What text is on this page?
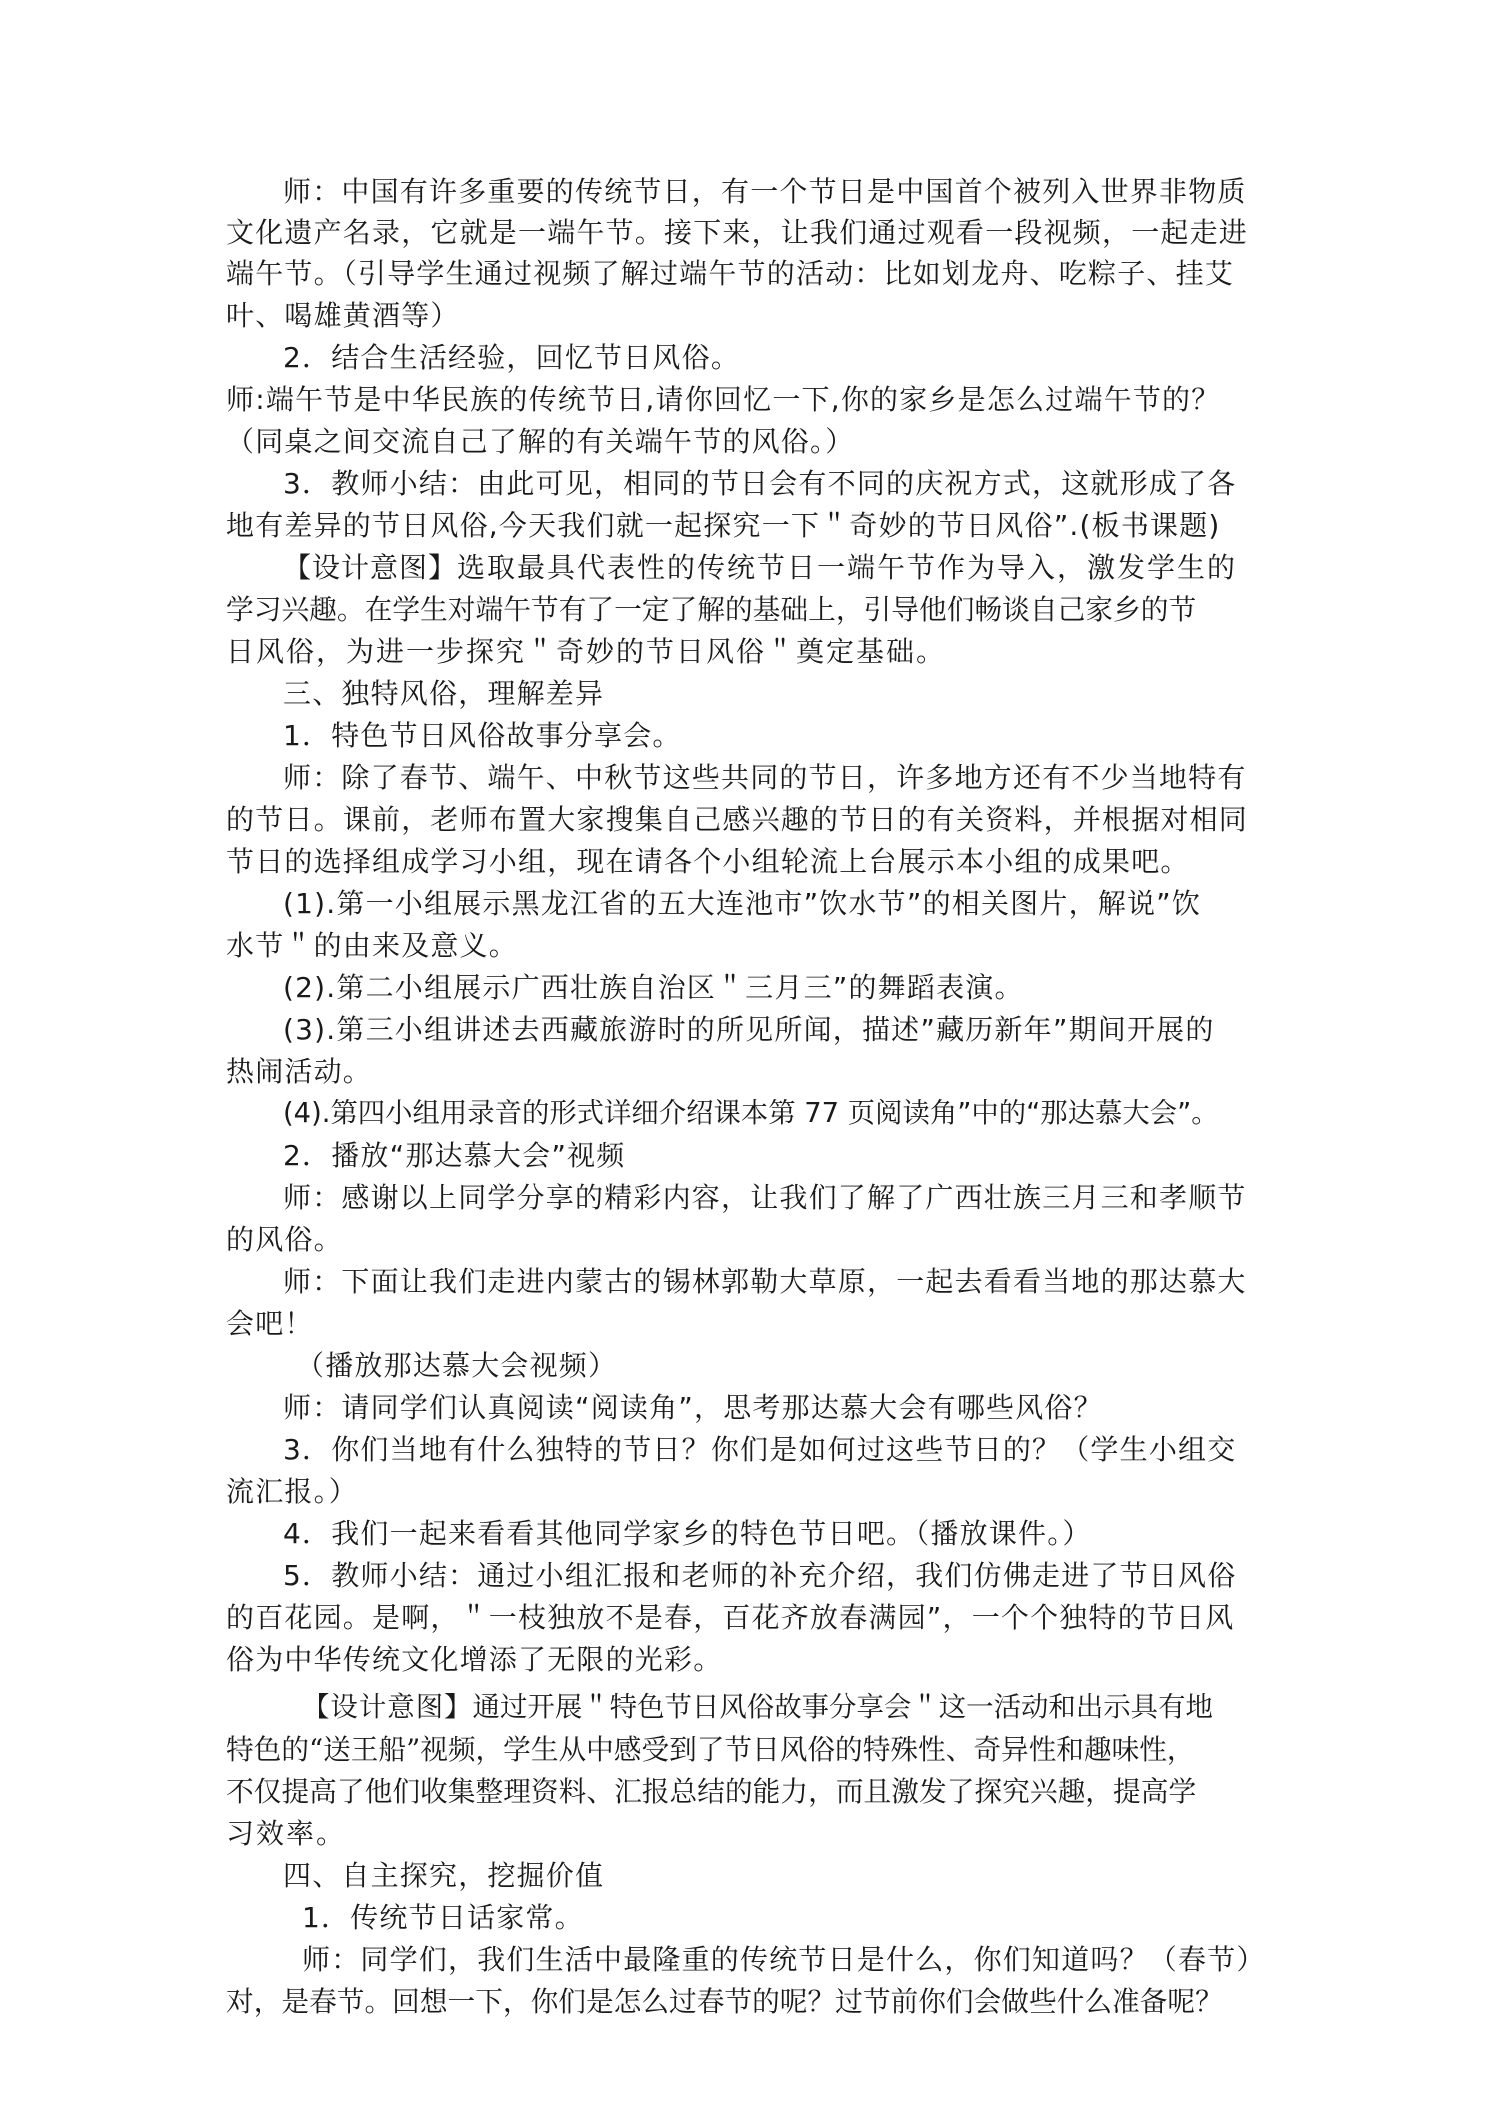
师：中国有许多重要的传统节日，有一个节日是中国首个被列入世界非物质
文化遗产名录，它就是一端午节。接下来，让我们通过观看一段视频，一起走进
端午节。（引导学生通过视频了解过端午节的活动：比如划龙舟、吃粽子、挂艾
叶、喝雄黄酒等）
2．结合生活经验，回忆节日风俗。
师:端午节是中华民族的传统节日,请你回忆一下,你的家乡是怎么过端午节的？
（同桌之间交流自己了解的有关端午节的风俗。）
3．教师小结：由此可见，相同的节日会有不同的庆祝方式，这就形成了各
地有差异的节日风俗,今天我们就一起探究一下＂奇妙的节日风俗”.(板书课题)
【设计意图】选取最具代表性的传统节日一端午节作为导入，激发学生的
学习兴趣。在学生对端午节有了一定了解的基础上，引导他们畅谈自己家乡的节
日风俗，为进一步探究＂奇妙的节日风俗＂奠定基础。
三、独特风俗，理解差异
1．特色节日风俗故事分享会。
师：除了春节、端午、中秋节这些共同的节日，许多地方还有不少当地特有
的节日。课前，老师布置大家搜集自己感兴趣的节日的有关资料，并根据对相同
节日的选择组成学习小组，现在请各个小组轮流上台展示本小组的成果吧。
(1).第一小组展示黑龙江省的五大连池市”饮水节”的相关图片，解说”饮
水节＂的由来及意义。
(2).第二小组展示广西壮族自治区＂三月三”的舞蹈表演。
(3).第三小组讲述去西藏旅游时的所见所闻，描述”藏历新年”期间开展的
热闹活动。
(4).第四小组用录音的形式详细介绍课本第 77 页阅读角”中的“那达慕大会”。
2．播放“那达慕大会”视频
师：感谢以上同学分享的精彩内容，让我们了解了广西壮族三月三和孝顺节
的风俗。
师：下面让我们走进内蒙古的锡林郭勒大草原，一起去看看当地的那达慕大
会吧！
（播放那达慕大会视频）
师：请同学们认真阅读“阅读角”，思考那达慕大会有哪些风俗？
3．你们当地有什么独特的节日？你们是如何过这些节日的？（学生小组交
流汇报。）
4．我们一起来看看其他同学家乡的特色节日吧。（播放课件。）
5．教师小结：通过小组汇报和老师的补充介绍，我们仿佛走进了节日风俗
的百花园。是啊，＂一枝独放不是春，百花齐放春满园”，一个个独特的节日风
俗为中华传统文化增添了无限的光彩。
【设计意图】通过开展＂特色节日风俗故事分享会＂这一活动和出示具有地
特色的“送王船”视频，学生从中感受到了节日风俗的特殊性、奇异性和趣味性，
不仅提高了他们收集整理资料、汇报总结的能力，而且激发了探究兴趣，提高学
习效率。
四、自主探究，挖掘价值
1．传统节日话家常。
师：同学们，我们生活中最隆重的传统节日是什么，你们知道吗？（春节）
对，是春节。回想一下，你们是怎么过春节的呢？过节前你们会做些什么准备呢？
